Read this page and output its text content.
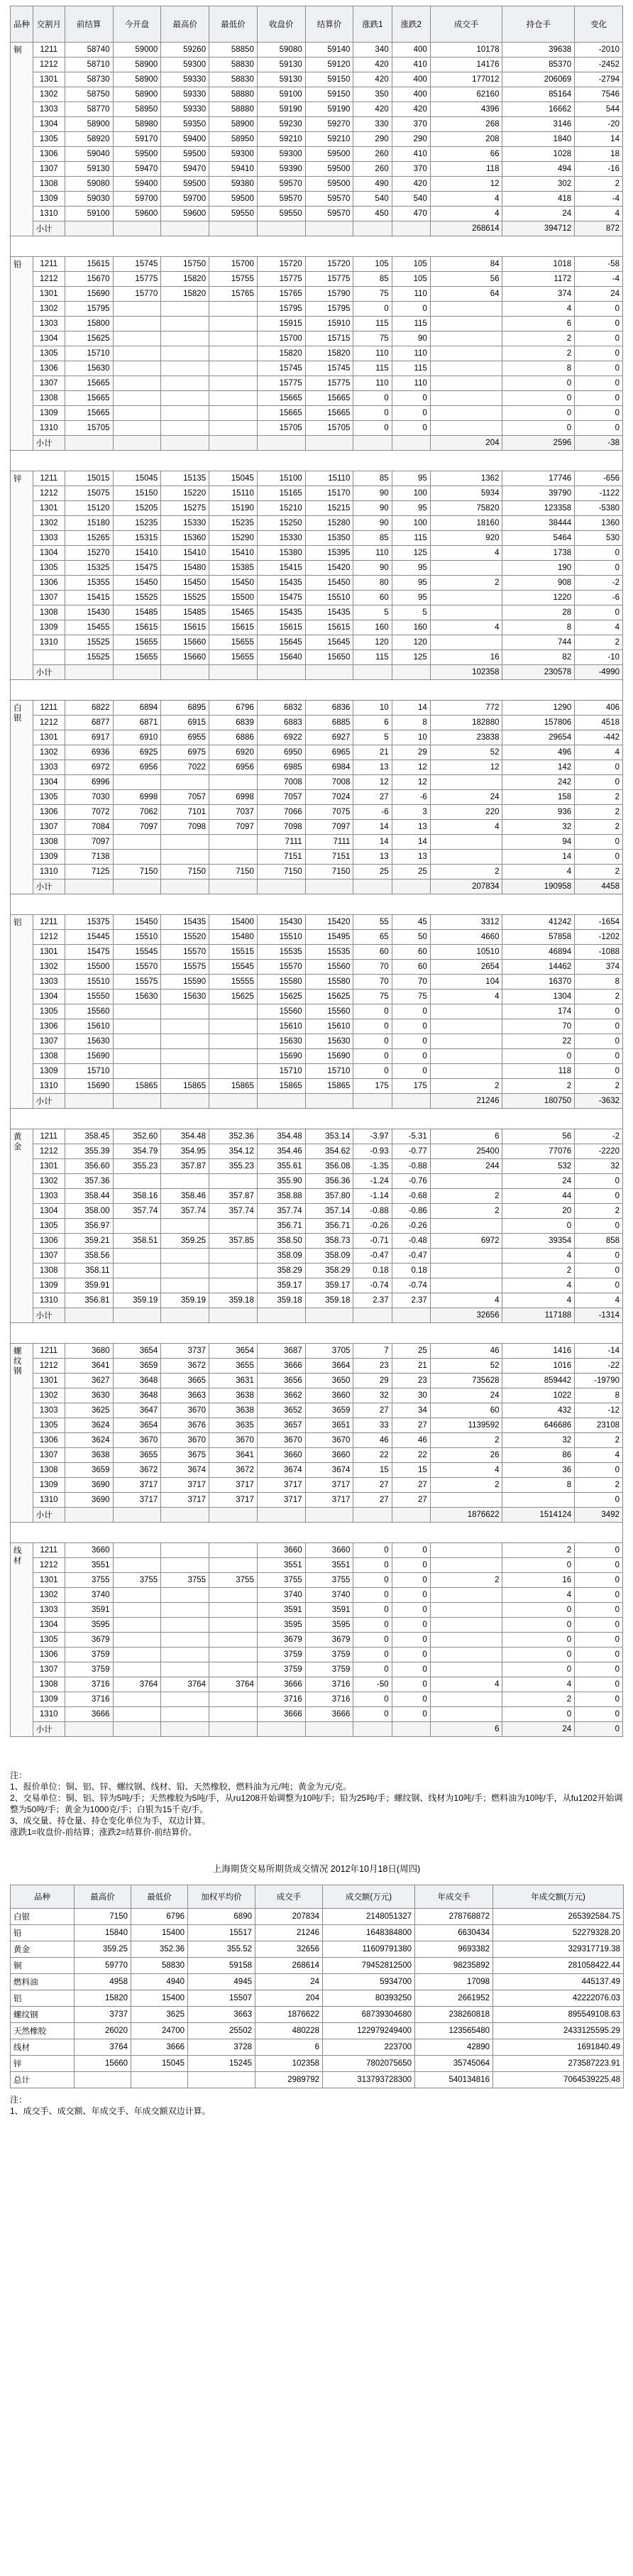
品种	交割月	前结算	今开盘	最高价	最低价	收盘价	结算价	涨跌1	涨跌2	成交手	持仓手	变化
铜	1211	58740	59000	59260	58850	59080	59140	340	400	10178	39638	-2010
	1212	58710	58900	59300	58830	59130	59120	420	410	14176	85370	-2452
	1301	58730	58900	59330	58830	59130	59150	420	400	177012	206069	-2794
	1302	58750	58900	59330	58880	59100	59150	350	400	62160	85164	7546
	1303	58770	58950	59330	58880	59190	59190	420	420	4396	16662	544
	1304	58900	58980	59350	58900	59230	59270	330	370	268	3146	-20
	1305	58920	59170	59400	58950	59210	59210	290	290	208	1840	14
	1306	59040	59500	59500	59300	59300	59500	260	410	66	1028	18
	1307	59130	59470	59470	59410	59390	59500	260	370	118	494	-16
	1308	59080	59400	59500	59380	59570	59500	490	420	12	302	2
	1309	59030	59700	59700	59500	59570	59570	540	540	4	418	-4
	1310	59100	59600	59600	59550	59550	59570	450	470	4	24	4
	小计									268614	394712	872

铅	1211	15615	15745	15750	15700	15720	15720	105	105	84	1018	-58
	1212	15670	15775	15820	15755	15775	15775	85	105	56	1172	-4
	1301	15690	15770	15820	15765	15765	15790	75	110	64	374	24
	1302	15795				15795	15795	0	0		4	0
	1303	15800				15915	15910	115	115		6	0
	1304	15625				15700	15715	75	90		2	0
	1305	15710				15820	15820	110	110		2	0
	1306	15630				15745	15745	115	115		8	0
	1307	15665				15775	15775	110	110		0	0
	1308	15665				15665	15665	0	0		0	0
	1309	15665				15665	15665	0	0		0	0
	1310	15705				15705	15705	0	0		0	0
	小计									204	2596	-38

锌	1211	15015	15045	15135	15045	15100	15110	85	95	1362	17746	-656
	1212	15075	15150	15220	15110	15165	15170	90	100	5934	39790	-1122
	1301	15120	15205	15275	15190	15210	15215	90	95	75820	123358	-5380
	1302	15180	15235	15330	15235	15250	15280	90	100	18160	38444	1360
	1303	15265	15315	15360	15290	15330	15350	85	115	920	5464	530
	1304	15270	15410	15410	15410	15380	15395	110	125	4	1738	0
	1305	15325	15475	15480	15385	15415	15420	90	95		190	0
	1306	15355	15450	15450	15450	15435	15450	80	95	2	908	-2
	1307	15415	15525	15525	15500	15475	15510	60	95		1220	-6
	1308	15430	15485	15485	15465	15435	15435	5	5		28	0
	1309	15455	15615	15615	15615	15615	15615	160	160	4	8	4
	1310	15525	15655	15660	15655	15645	15645	120	120		744	2
		15525	15655	15660	15655	15640	15650	115	125	16	82	-10
	小计									102358	230578	-4990

白银	1211	6822	6894	6895	6796	6832	6836	10	14	772	1290	406
	1212	6877	6871	6915	6839	6883	6885	6	8	182880	157806	4518
	1301	6917	6910	6955	6886	6922	6927	5	10	23838	29654	-442
	1302	6936	6925	6975	6920	6950	6965	21	29	52	496	4
	1303	6972	6956	7022	6956	6985	6984	13	12	12	142	0
	1304	6996				7008	7008	12	12		242	0
	1305	7030	6998	7057	6998	7057	7024	27	-6	24	158	2
	1306	7072	7062	7101	7037	7066	7075	-6	3	220	936	2
	1307	7084	7097	7098	7097	7098	7097	14	13	4	32	2
	1308	7097				7111	7111	14	14		94	0
	1309	7138				7151	7151	13	13		14	0
	1310	7125	7150	7150	7150	7150	7150	25	25	2	4	2
	小计									207834	190958	4458

铝	1211	15375	15450	15435	15400	15430	15420	55	45	3312	41242	-1654
	1212	15445	15510	15520	15480	15510	15495	65	50	4660	57858	-1202
	1301	15475	15545	15570	15515	15535	15535	60	60	10510	46894	-1088
	1302	15500	15570	15575	15545	15570	15560	70	60	2654	14462	374
	1303	15510	15575	15590	15555	15580	15580	70	70	104	16370	8
	1304	15550	15630	15630	15625	15625	15625	75	75	4	1304	2
	1305	15560				15560	15560	0	0		174	0
	1306	15610				15610	15610	0	0		70	0
	1307	15630				15630	15630	0	0		22	0
	1308	15690				15690	15690	0	0		0	0
	1309	15710				15710	15710	0	0		118	0
	1310	15690	15865	15865	15865	15865	15865	175	175	2	2	2
	小计									21246	180750	-3632

黄金	1211	358.45	352.60	354.48	352.36	354.48	353.14	-3.97	-5.31	6	56	-2
	1212	355.39	354.79	354.95	354.12	354.46	354.62	-0.93	-0.77	25400	77076	-2220
	1301	356.60	355.23	357.87	355.23	355.61	356.08	-1.35	-0.88	244	532	32
	1302	357.36				355.90	356.36	-1.24	-0.76		24	0
	1303	358.44	358.16	358.46	357.87	358.88	357.80	-1.14	-0.68	2	44	0
	1304	358.00	357.74	357.74	357.74	357.74	357.14	-0.88	-0.86	2	20	2
	1305	356.97				356.71	356.71	-0.26	-0.26		0	0
	1306	359.21	358.51	359.25	357.85	358.50	358.73	-0.71	-0.48	6972	39354	858
	1307	358.56				358.09	358.09	-0.47	-0.47		4	0
	1308	358.11				358.29	358.29	0.18	0.18		2	0
	1309	359.91				359.17	359.17	-0.74	-0.74		4	0
	1310	356.81	359.19	359.19	359.18	359.18	359.18	2.37	2.37	4	4	4
	小计									32656	117188	-1314

螺纹钢	1211	3680	3654	3737	3654	3687	3705	7	25	46	1416	-14
	1212	3641	3659	3672	3655	3666	3664	23	21	52	1016	-22
	1301	3627	3648	3665	3631	3656	3650	29	23	735628	859442	-19790
	1302	3630	3648	3663	3638	3662	3660	32	30	24	1022	8
	1303	3625	3647	3670	3638	3652	3659	27	34	60	432	-12
	1305	3624	3654	3676	3635	3657	3651	33	27	1139592	646686	23108
	1306	3624	3670	3670	3670	3670	3670	46	46	2	32	2
	1307	3638	3655	3675	3641	3660	3660	22	22	26	86	4
	1308	3659	3672	3674	3672	3674	3674	15	15	4	36	0
	1309	3690	3717	3717	3717	3717	3717	27	27	2	8	2
	1310	3690	3717	3717	3717	3717	3717	27	27			0
	小计									1876622	1514124	3492

线材	1211	3660				3660	3660	0	0		2	0
	1212	3551				3551	3551	0	0		0	0
	1301	3755	3755	3755	3755	3755	3755	0	0	2	16	0
	1302	3740				3740	3740	0	0		4	0
	1303	3591				3591	3591	0	0		0	0
	1304	3595				3595	3595	0	0		0	0
	1305	3679				3679	3679	0	0		0	0
	1306	3759				3759	3759	0	0		0	0
	1307	3759				3759	3759	0	0		0	0
	1308	3716	3764	3764	3764	3666	3716	-50	0	4	4	0
	1309	3716				3716	3716	0	0		2	0
	1310	3666				3666	3666	0	0		0	0
	小计									6	24	0
注：
1、报价单位：铜、铝、锌、螺纹钢、线材、铅、天然橡胶、燃料油为元/吨；黄金为元/克。
2、交易单位：铜、铝、锌为5吨/手；天然橡胶为5吨/手，从ru1208开始调整为10吨/手；铅为25吨/手；螺纹钢、线材为10吨/手；燃料油为10吨/手，从fu1202开始调整为50吨/手；黄金为1000克/手；白银为15千克/手。
3、成交量、持仓量、持仓变化单位为手，双边计算。
涨跌1=收盘价-前结算；涨跌2=结算价-前结算价。
上海期货交易所期货成交情况 2012年10月18日(周四)
品种	最高价	最低价	加权平均价	成交手	成交额(万元)	年成交手	年成交额(万元)
白银	7150	6796	6890	207834	2148051327	278768872	265392584.75
铅	15840	15400	15517	21246	1648384800	6630434	52279328.20
黄金	359.25	352.36	355.52	32656	11609791380	9693382	329317719.38
铜	59770	58830	59158	268614	79452812500	98235892	281058422.44
燃料油	4958	4940	4945	24	5934700	17098	445137.49
铝	15820	15400	15507	204	80393250	2661952	42222076.03
螺纹钢	3737	3625	3663	1876622	68739304680	238260818	895549108.63
天然橡胶	26020	24700	25502	480228	122979249400	123565480	2433125595.29
线材	3764	3666	3728	6	223700	42890	1691840.49
锌	15660	15045	15245	102358	7802075650	35745064	273587223.91
总计				2989792	313793728300	540134816	7064539225.48
注：
1、成交手、成交额、年成交手、年成交额双边计算。
